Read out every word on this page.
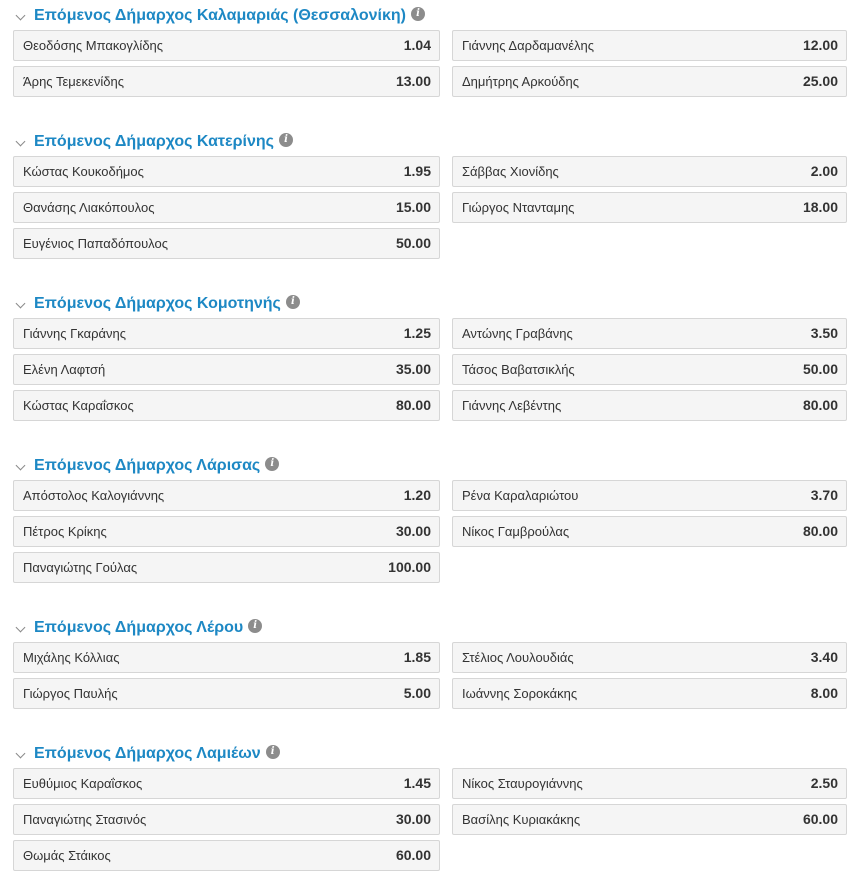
Επόμενος Δήμαρχος Καλαμαριάς (Θεσσαλονίκη) i
Θεοδόσης Μπακογλίδης	1.04 Γιάννης Δαρδαμανέλης	12.00
Άρης Τεμεκενίδης	13.00 Δημήτρης Αρκούδης	25.00
Επόμενος Δήμαρχος Κατερίνης i
Κώστας Κουκοδήμος	1.95 Σάββας Χιονίδης	2.00
Θανάσης Λιακόπουλος	15.00 Γιώργος Ντανταμης	18.00
Ευγένιος Παπαδόπουλος	50.00
Επόμενος Δήμαρχος Κομοτηνής i
Γιάννης Γκαράνης	1.25 Αντώνης Γραβάνης	3.50
Ελένη Λαφτσή	35.00 Τάσος Βαβατσικλής	50.00
Κώστας Καραΐσκος	80.00 Γιάννης Λεβέντης	80.00
Επόμενος Δήμαρχος Λάρισας i
Απόστολος Καλογιάννης	1.20 Ρένα Καραλαριώτου	3.70
Πέτρος Κρίκης	30.00 Νίκος Γαμβρούλας	80.00
Παναγιώτης Γούλας	100.00
Επόμενος Δήμαρχος Λέρου i
Μιχάλης Κόλλιας	1.85 Στέλιος Λουλουδιάς	3.40
Γιώργος Παυλής	5.00 Ιωάννης Σοροκάκης	8.00
Επόμενος Δήμαρχος Λαμιέων i
Ευθύμιος Καραΐσκος	1.45 Νίκος Σταυρογιάννης	2.50
Παναγιώτης Στασινός	30.00 Βασίλης Κυριακάκης	60.00
Θωμάς Στάικος	60.00
